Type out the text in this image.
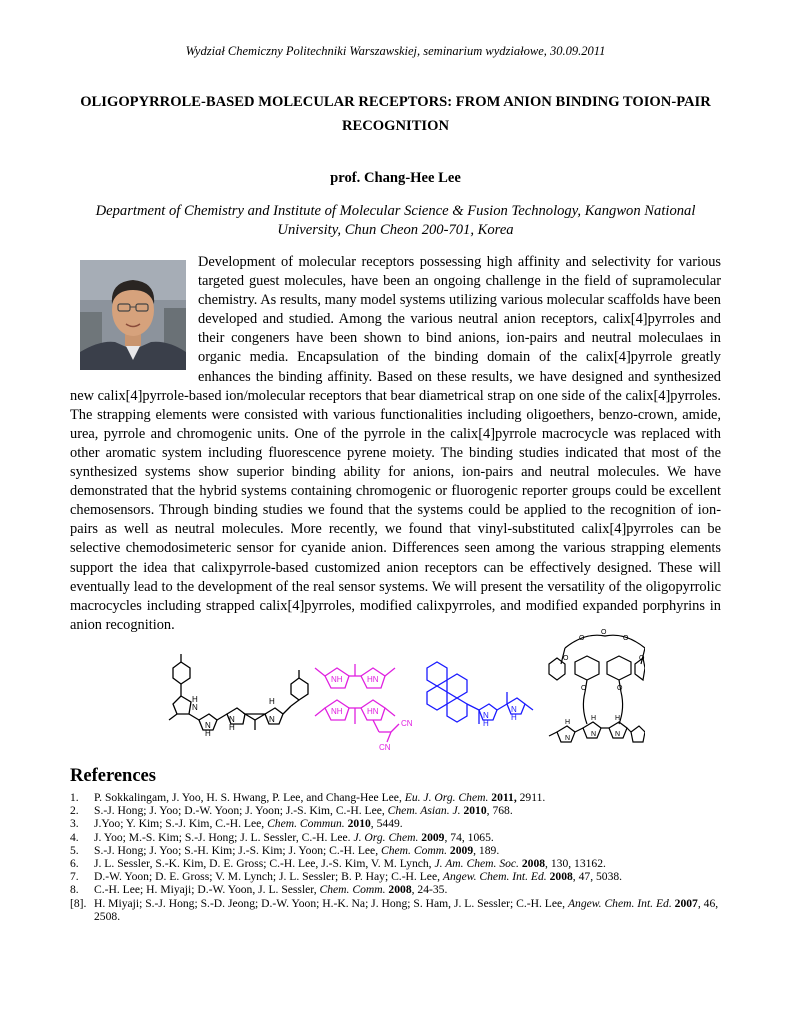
Wydział Chemiczny Politechniki Warszawskiej, seminarium wydziałowe, 30.09.2011
OLIGOPYRROLE-BASED MOLECULAR RECEPTORS: FROM ANION BINDING TOION-PAIR RECOGNITION
prof. Chang-Hee Lee
Department of Chemistry and Institute of Molecular Science & Fusion Technology, Kangwon National University, Chun Cheon 200-701, Korea
Development of molecular receptors possessing high affinity and selectivity for various targeted guest molecules, have been an ongoing challenge in the field of supramolecular chemistry. As results, many model systems utilizing various molecular scaffolds have been developed and studied. Among the various neutral anion receptors, calix[4]pyrroles and their congeners have been shown to bind anions, ion-pairs and neutral moleculaes in organic media. Encapsulation of the binding domain of the calix[4]pyrrole greatly enhances the binding affinity. Based on these results, we have designed and synthesized new calix[4]pyrrole-based ion/molecular receptors that bear diametrical strap on one side of the calix[4]pyrroles. The strapping elements were consisted with various functionalities including oligoethers, benzo-crown, amide, urea, pyrrole and chromogenic units. One of the pyrrole in the calix[4]pyrrole macrocycle was replaced with other aromatic system including fluorescence pyrene moiety. The binding studies indicated that most of the synthesized systems show superior binding ability for anions, ion-pairs and neutral molecules. We have demonstrated that the hybrid systems containing chromogenic or fluorogenic reporter groups could be excellent chemosensors. Through binding studies we found that the systems could be applied to the recognition of ion-pairs as well as neutral molecules. More recently, we found that vinyl-substituted calix[4]pyrroles can be selective chemodosimeteric sensor for cyanide anion. Differences seen among the various strapping elements support the idea that calixpyrrole-based customized anion receptors can be effectively designed. These will eventually lead to the development of the real sensor systems. We will present the versatility of the oligopyrrolic macrocycles including strapped calix[4]pyrroles, modified calixpyrroles, and modified expanded porphyrins in anion recognition.
H
N
N
H
N
H
N
H
NH	HN
NH	HN
CN
CN
N
H
N
H
O
O
O
O	O
O	O
H
N
H
N
H
N
References
1. P. Sokkalingam, J. Yoo, H. S. Hwang, P. Lee, and Chang-Hee Lee, Eu. J. Org. Chem. 2011, 2911.
2. S.-J. Hong; J. Yoo; D.-W. Yoon; J. Yoon; J.-S. Kim, C.-H. Lee, Chem. Asian. J. 2010, 768.
3. J.Yoo; Y. Kim; S.-J. Kim, C.-H. Lee, Chem. Commun. 2010, 5449.
4. J. Yoo; M.-S. Kim; S.-J. Hong; J. L. Sessler, C.-H. Lee. J. Org. Chem. 2009, 74, 1065.
5. S.-J. Hong; J. Yoo; S.-H. Kim; J.-S. Kim; J. Yoon; C.-H. Lee, Chem. Comm. 2009, 189.
6. J. L. Sessler, S.-K. Kim, D. E. Gross; C.-H. Lee, J.-S. Kim, V. M. Lynch, J. Am. Chem. Soc. 2008, 130, 13162.
7. D.-W. Yoon; D. E. Gross; V. M. Lynch; J. L. Sessler; B. P. Hay; C.-H. Lee, Angew. Chem. Int. Ed. 2008, 47, 5038.
8. C.-H. Lee; H. Miyaji; D.-W. Yoon, J. L. Sessler, Chem. Comm. 2008, 24-35.
[8]. H. Miyaji; S.-J. Hong; S.-D. Jeong; D.-W. Yoon; H.-K. Na; J. Hong; S. Ham, J. L. Sessler; C.-H. Lee, Angew. Chem. Int. Ed. 2007, 46, 2508.
